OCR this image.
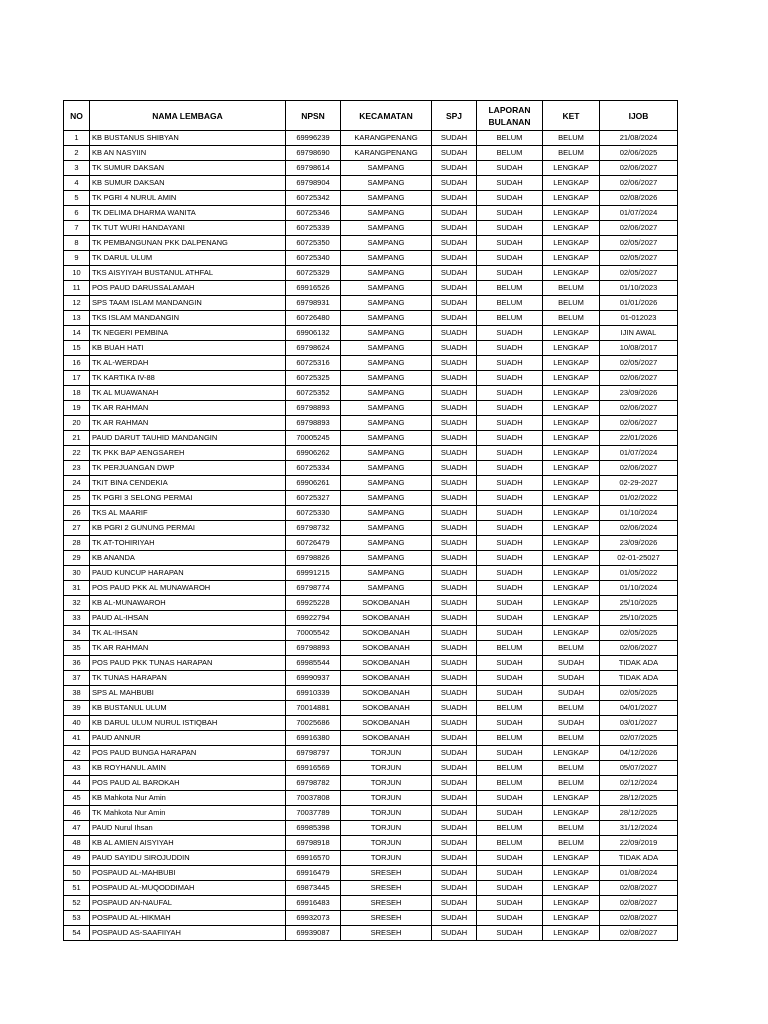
NO	NAMA LEMBAGA	NPSN	KECAMATAN	SPJ	LAPORAN BULANAN	KET	IJOB
1	KB BUSTANUS SHIBYAN	69996239	KARANGPENANG	SUDAH	BELUM	BELUM	21/08/2024
2	KB AN NASYIIN	69798690	KARANGPENANG	SUDAH	BELUM	BELUM	02/06/2025
3	TK SUMUR DAKSAN	69798614	SAMPANG	SUDAH	SUDAH	LENGKAP	02/06/2027
4	KB SUMUR DAKSAN	69798904	SAMPANG	SUDAH	SUDAH	LENGKAP	02/06/2027
5	TK PGRI 4 NURUL AMIN	60725342	SAMPANG	SUDAH	SUDAH	LENGKAP	02/08/2026
6	TK DELIMA DHARMA WANITA	60725346	SAMPANG	SUDAH	SUDAH	LENGKAP	01/07/2024
7	TK TUT WURI HANDAYANI	60725339	SAMPANG	SUDAH	SUDAH	LENGKAP	02/06/2027
8	TK PEMBANGUNAN PKK DALPENANG	60725350	SAMPANG	SUDAH	SUDAH	LENGKAP	02/05/2027
9	TK DARUL ULUM	60725340	SAMPANG	SUDAH	SUDAH	LENGKAP	02/05/2027
10	TKS AISYIYAH BUSTANUL ATHFAL	60725329	SAMPANG	SUDAH	SUDAH	LENGKAP	02/05/2027
11	POS PAUD DARUSSALAMAH	69916526	SAMPANG	SUDAH	BELUM	BELUM	01/10/2023
12	SPS TAAM ISLAM MANDANGIN	69798931	SAMPANG	SUDAH	BELUM	BELUM	01/01/2026
13	TKS ISLAM MANDANGIN	60726480	SAMPANG	SUDAH	BELUM	BELUM	01-012023
14	TK NEGERI PEMBINA	69906132	SAMPANG	SUADH	SUADH	LENGKAP	IJIN AWAL
15	KB BUAH HATI	69798624	SAMPANG	SUADH	SUADH	LENGKAP	10/08/2017
16	TK AL-WERDAH	60725316	SAMPANG	SUADH	SUADH	LENGKAP	02/05/2027
17	TK KARTIKA IV-88	60725325	SAMPANG	SUADH	SUADH	LENGKAP	02/06/2027
18	TK AL MUAWANAH	60725352	SAMPANG	SUADH	SUADH	LENGKAP	23/09/2026
19	TK AR RAHMAN	69798893	SAMPANG	SUADH	SUADH	LENGKAP	02/06/2027
20	TK AR RAHMAN	69798893	SAMPANG	SUADH	SUADH	LENGKAP	02/06/2027
21	PAUD DARUT TAUHID MANDANGIN	70005245	SAMPANG	SUADH	SUADH	LENGKAP	22/01/2026
22	TK PKK BAP AENGSAREH	69906262	SAMPANG	SUADH	SUADH	LENGKAP	01/07/2024
23	TK PERJUANGAN DWP	60725334	SAMPANG	SUADH	SUADH	LENGKAP	02/06/2027
24	TKIT BINA CENDEKIA	69906261	SAMPANG	SUADH	SUADH	LENGKAP	02-29-2027
25	TK PGRI 3 SELONG PERMAI	60725327	SAMPANG	SUADH	SUADH	LENGKAP	01/02/2022
26	TKS AL MAARIF	60725330	SAMPANG	SUADH	SUADH	LENGKAP	01/10/2024
27	KB PGRI 2 GUNUNG PERMAI	69798732	SAMPANG	SUADH	SUADH	LENGKAP	02/06/2024
28	TK AT-TOHIRIYAH	60726479	SAMPANG	SUADH	SUADH	LENGKAP	23/09/2026
29	KB ANANDA	69798826	SAMPANG	SUADH	SUADH	LENGKAP	02-01-25027
30	PAUD KUNCUP HARAPAN	69991215	SAMPANG	SUADH	SUADH	LENGKAP	01/05/2022
31	POS PAUD PKK AL MUNAWAROH	69798774	SAMPANG	SUADH	SUADH	LENGKAP	01/10/2024
32	KB AL-MUNAWAROH	69925228	SOKOBANAH	SUADH	SUDAH	LENGKAP	25/10/2025
33	PAUD AL-IHSAN	69922794	SOKOBANAH	SUADH	SUDAH	LENGKAP	25/10/2025
34	TK AL-IHSAN	70005542	SOKOBANAH	SUADH	SUDAH	LENGKAP	02/05/2025
35	TK AR RAHMAN	69798893	SOKOBANAH	SUADH	BELUM	BELUM	02/06/2027
36	POS PAUD PKK TUNAS HARAPAN	69985544	SOKOBANAH	SUADH	SUDAH	SUDAH	TIDAK ADA
37	TK TUNAS HARAPAN	69990937	SOKOBANAH	SUADH	SUDAH	SUDAH	TIDAK ADA
38	SPS AL MAHBUBI	69910339	SOKOBANAH	SUADH	SUDAH	SUDAH	02/05/2025
39	KB BUSTANUL ULUM	70014881	SOKOBANAH	SUADH	BELUM	BELUM	04/01/2027
40	KB DARUL ULUM NURUL ISTIQBAH	70025686	SOKOBANAH	SUADH	SUDAH	SUDAH	03/01/2027
41	PAUD ANNUR	69916380	SOKOBANAH	SUDAH	BELUM	BELUM	02/07/2025
42	POS PAUD BUNGA HARAPAN	69798797	TORJUN	SUDAH	SUDAH	LENGKAP	04/12/2026
43	KB ROYHANUL AMIN	69916569	TORJUN	SUDAH	BELUM	BELUM	05/07/2027
44	POS PAUD AL BAROKAH	69798782	TORJUN	SUDAH	BELUM	BELUM	02/12/2024
45	KB Mahkota Nur Amin	70037808	TORJUN	SUDAH	SUDAH	LENGKAP	28/12/2025
46	TK Mahkota Nur Amin	70037789	TORJUN	SUDAH	SUDAH	LENGKAP	28/12/2025
47	PAUD Nurul Ihsan	69985398	TORJUN	SUDAH	BELUM	BELUM	31/12/2024
48	KB AL AMIEN AISYIYAH	69798918	TORJUN	SUDAH	BELUM	BELUM	22/09/2019
49	PAUD SAYIDU SIROJUDDIN	69916570	TORJUN	SUDAH	SUDAH	LENGKAP	TIDAK ADA
50	POSPAUD AL-MAHBUBI	69916479	SRESEH	SUDAH	SUDAH	LENGKAP	01/08/2024
51	POSPAUD AL-MUQODDIMAH	69873445	SRESEH	SUDAH	SUDAH	LENGKAP	02/08/2027
52	POSPAUD AN-NAUFAL	69916483	SRESEH	SUDAH	SUDAH	LENGKAP	02/08/2027
53	POSPAUD AL-HIKMAH	69932073	SRESEH	SUDAH	SUDAH	LENGKAP	02/08/2027
54	POSPAUD AS-SAAFIIYAH	69939087	SRESEH	SUDAH	SUDAH	LENGKAP	02/08/2027
